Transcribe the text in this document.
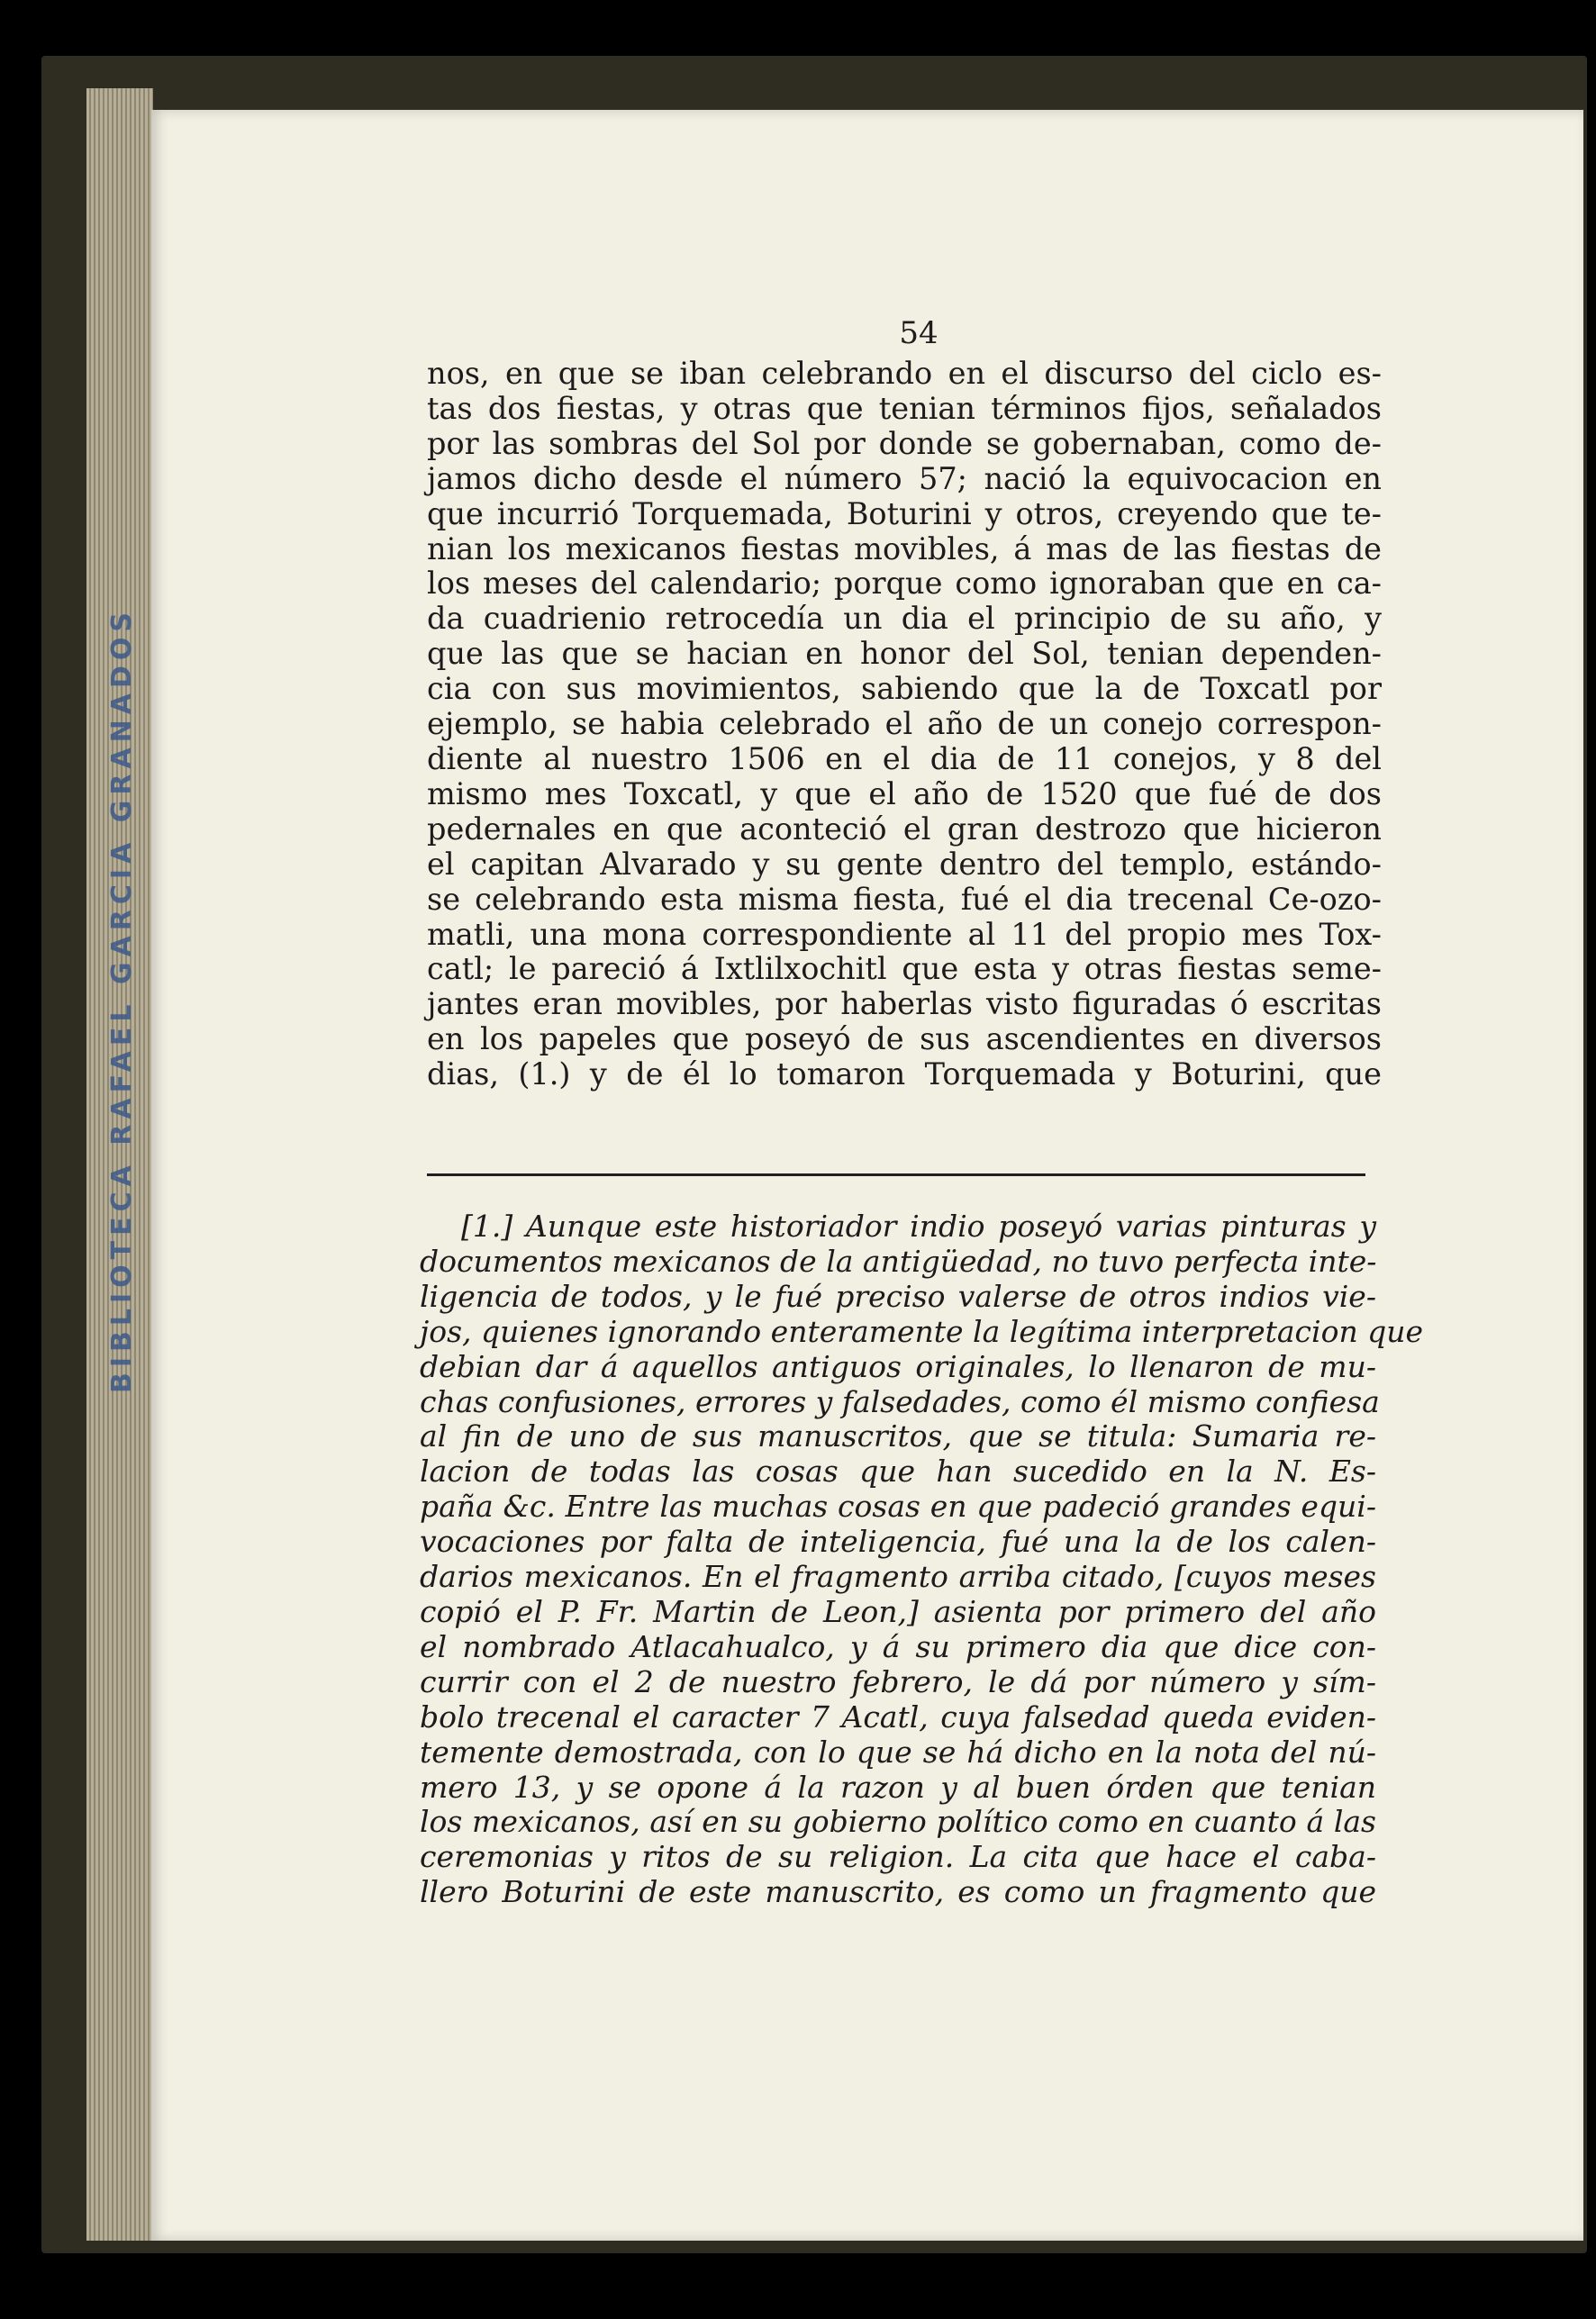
BIBLIOTECA RAFAEL GARCIA GRANADOS
54
nos, en que se iban celebrando en el discurso del ciclo es-
tas dos fiestas, y otras que tenian términos fijos, señalados
por las sombras del Sol por donde se gobernaban, como de-
jamos dicho desde el número 57; nació la equivocacion en
que incurrió Torquemada, Boturini y otros, creyendo que te-
nian los mexicanos fiestas movibles, á mas de las fiestas de
los meses del calendario; porque como ignoraban que en ca-
da cuadrienio retrocedía un dia el principio de su año, y
que las que se hacian en honor del Sol, tenian dependen-
cia con sus movimientos, sabiendo que la de Toxcatl por
ejemplo, se habia celebrado el año de un conejo correspon-
diente al nuestro 1506 en el dia de 11 conejos, y 8 del
mismo mes Toxcatl, y que el año de 1520 que fué de dos
pedernales en que aconteció el gran destrozo que hicieron
el capitan Alvarado y su gente dentro del templo, estándo-
se celebrando esta misma fiesta, fué el dia trecenal Ce-ozo-
matli, una mona correspondiente al 11 del propio mes Tox-
catl; le pareció á Ixtlilxochitl que esta y otras fiestas seme-
jantes eran movibles, por haberlas visto figuradas ó escritas
en los papeles que poseyó de sus ascendientes en diversos
dias, (1.) y de él lo tomaron Torquemada y Boturini, que
[1.] Aunque este historiador indio poseyó varias pinturas y
documentos mexicanos de la antigüedad, no tuvo perfecta inte-
ligencia de todos, y le fué preciso valerse de otros indios vie-
jos, quienes ignorando enteramente la legítima interpretacion que
debian dar á aquellos antiguos originales, lo llenaron de mu-
chas confusiones, errores y falsedades, como él mismo confiesa
al fin de uno de sus manuscritos, que se titula: Sumaria re-
lacion de todas las cosas que han sucedido en la N. Es-
paña &c. Entre las muchas cosas en que padeció grandes equi-
vocaciones por falta de inteligencia, fué una la de los calen-
darios mexicanos. En el fragmento arriba citado, [cuyos meses
copió el P. Fr. Martin de Leon,] asienta por primero del año
el nombrado Atlacahualco, y á su primero dia que dice con-
currir con el 2 de nuestro febrero, le dá por número y sím-
bolo trecenal el caracter 7 Acatl, cuya falsedad queda eviden-
temente demostrada, con lo que se há dicho en la nota del nú-
mero 13, y se opone á la razon y al buen órden que tenian
los mexicanos, así en su gobierno político como en cuanto á las
ceremonias y ritos de su religion. La cita que hace el caba-
llero Boturini de este manuscrito, es como un fragmento que
